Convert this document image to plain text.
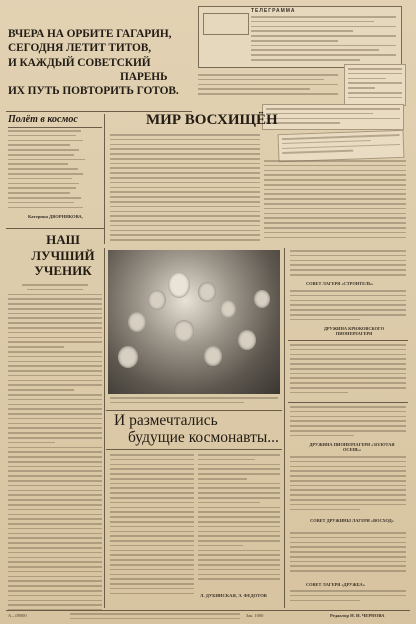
ВЧЕРА НА ОРБИТЕ ГАГАРИН,
СЕГОДНЯ ЛЕТИТ ТИТОВ,
И КАЖДЫЙ СОВЕТСКИЙ
ПАРЕНЬ
ИХ ПУТЬ ПОВТОРИТЬ ГОТОВ.
ТЕЛЕГРАММА
Полёт в космос
Катерина ДВОРНИКОВА,
МИР ВОСХИЩЁН
НАШ
ЛУЧШИЙ
УЧЕНИК
И размечтались
будущие космонавты...
Л. ДУБИНСКАЯ, Э. ФЕДОТОВ
СОВЕТ ЛАГЕРЯ «СТРОИТЕЛЬ»
ДРУЖИНА КРЮКОВСКОГО ПИОНЕРЛАГЕРЯ
ДРУЖИНА ПИОНЕРЛАГЕРЯ «ЗОЛОТАЯ ОСЕНЬ»
СОВЕТ ДРУЖИНЫ ЛАГЕРЯ «ВОСХОД»
СОВЕТ ЛАГЕРЯ «ДРУЖБА»
А—00000	Зак. 1000	Редактор Н. И. ЧЕРНОВА
